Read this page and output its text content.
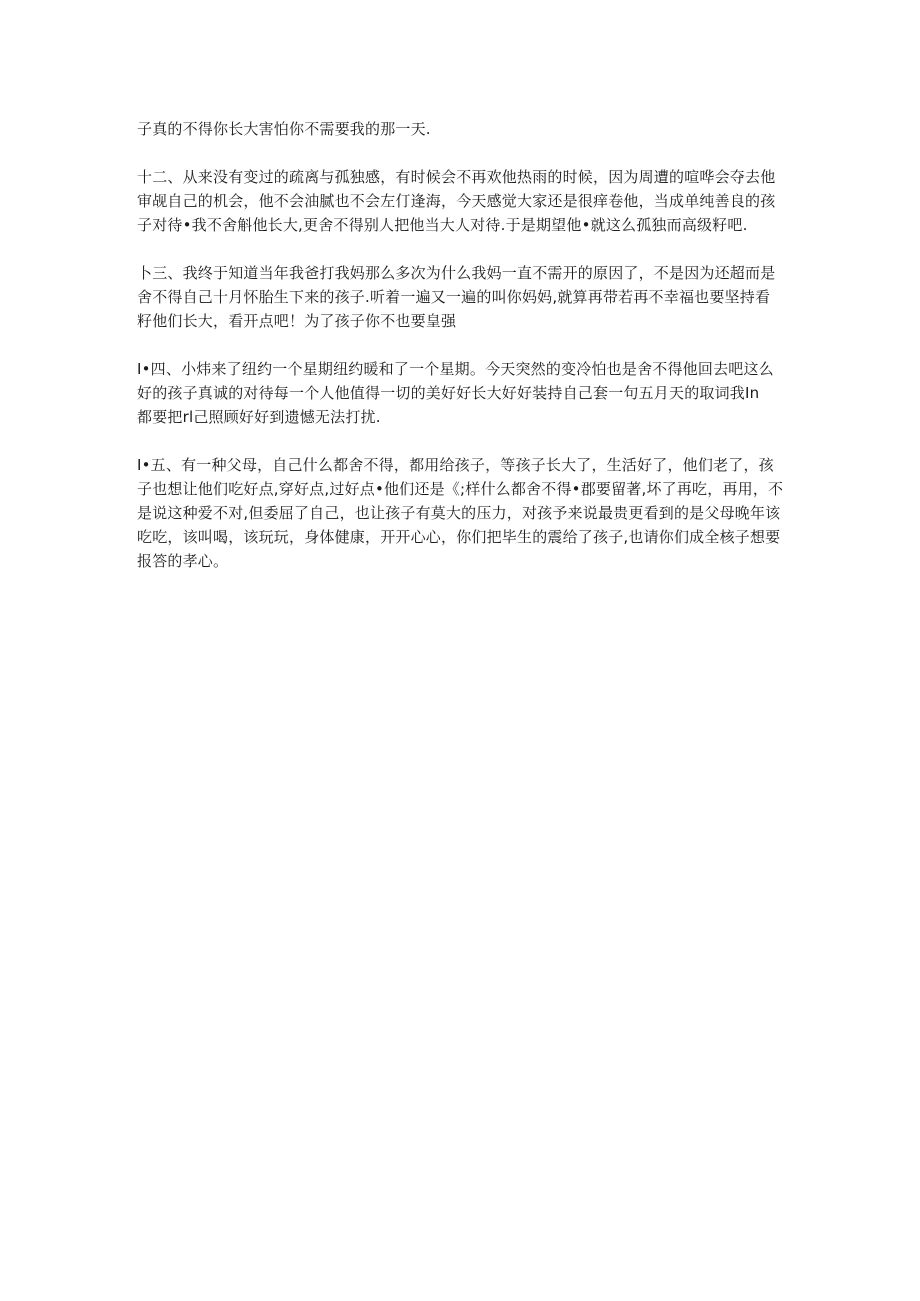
子真的不得你长大害怕你不需要我的那一天.

十二、从来没有变过的疏离与孤独感，有时候会不再欢他热雨的时候，因为周遭的喧哗会夺去他
审觇自己的机会，他不会油腻也不会左仃逢海，今天感觉大家还是很痒卷他，当成单纯善良的孩
子对待•我不舍斛他长大,更舍不得别人把他当大人对待.于是期望他•就这么孤独而高级籽吧.

卜三、我终于知道当年我爸打我妈那么多次为什么我妈一直不需开的原因了，不是因为还超而是
舍不得自己十月怀胎生下来的孩子.听着一遍又一遍的叫你妈妈,就算再带若再不幸福也要坚持看
籽他们长大，看开点吧！为了孩子你不也要皇强

I•四、小炜来了纽约一个星期纽约暖和了一个星期。今天突然的变冷怕也是舍不得他回去吧这么
好的孩子真诚的对待每一个人他值得一切的美好好长大好好装持自己套一句五月天的取词我In
都要把rl己照顾好好到遗憾无法打扰.

I•五、有一种父母，自己什么都舍不得，都用给孩子，等孩子长大了，生活好了，他们老了，孩
子也想让他们吃好点,穿好点,过好点•他们还是《;样什么都舍不得•郡要留著,坏了再吃，再用，不
是说这种爱不对,但委屈了自己，也让孩子有莫大的压力，对孩予来说最贵更看到的是父母晚年该
吃吃，该叫喝，该玩玩，身体健康，开开心心，你们把毕生的震给了孩子,也请你们成全核子想要
报答的孝心。
